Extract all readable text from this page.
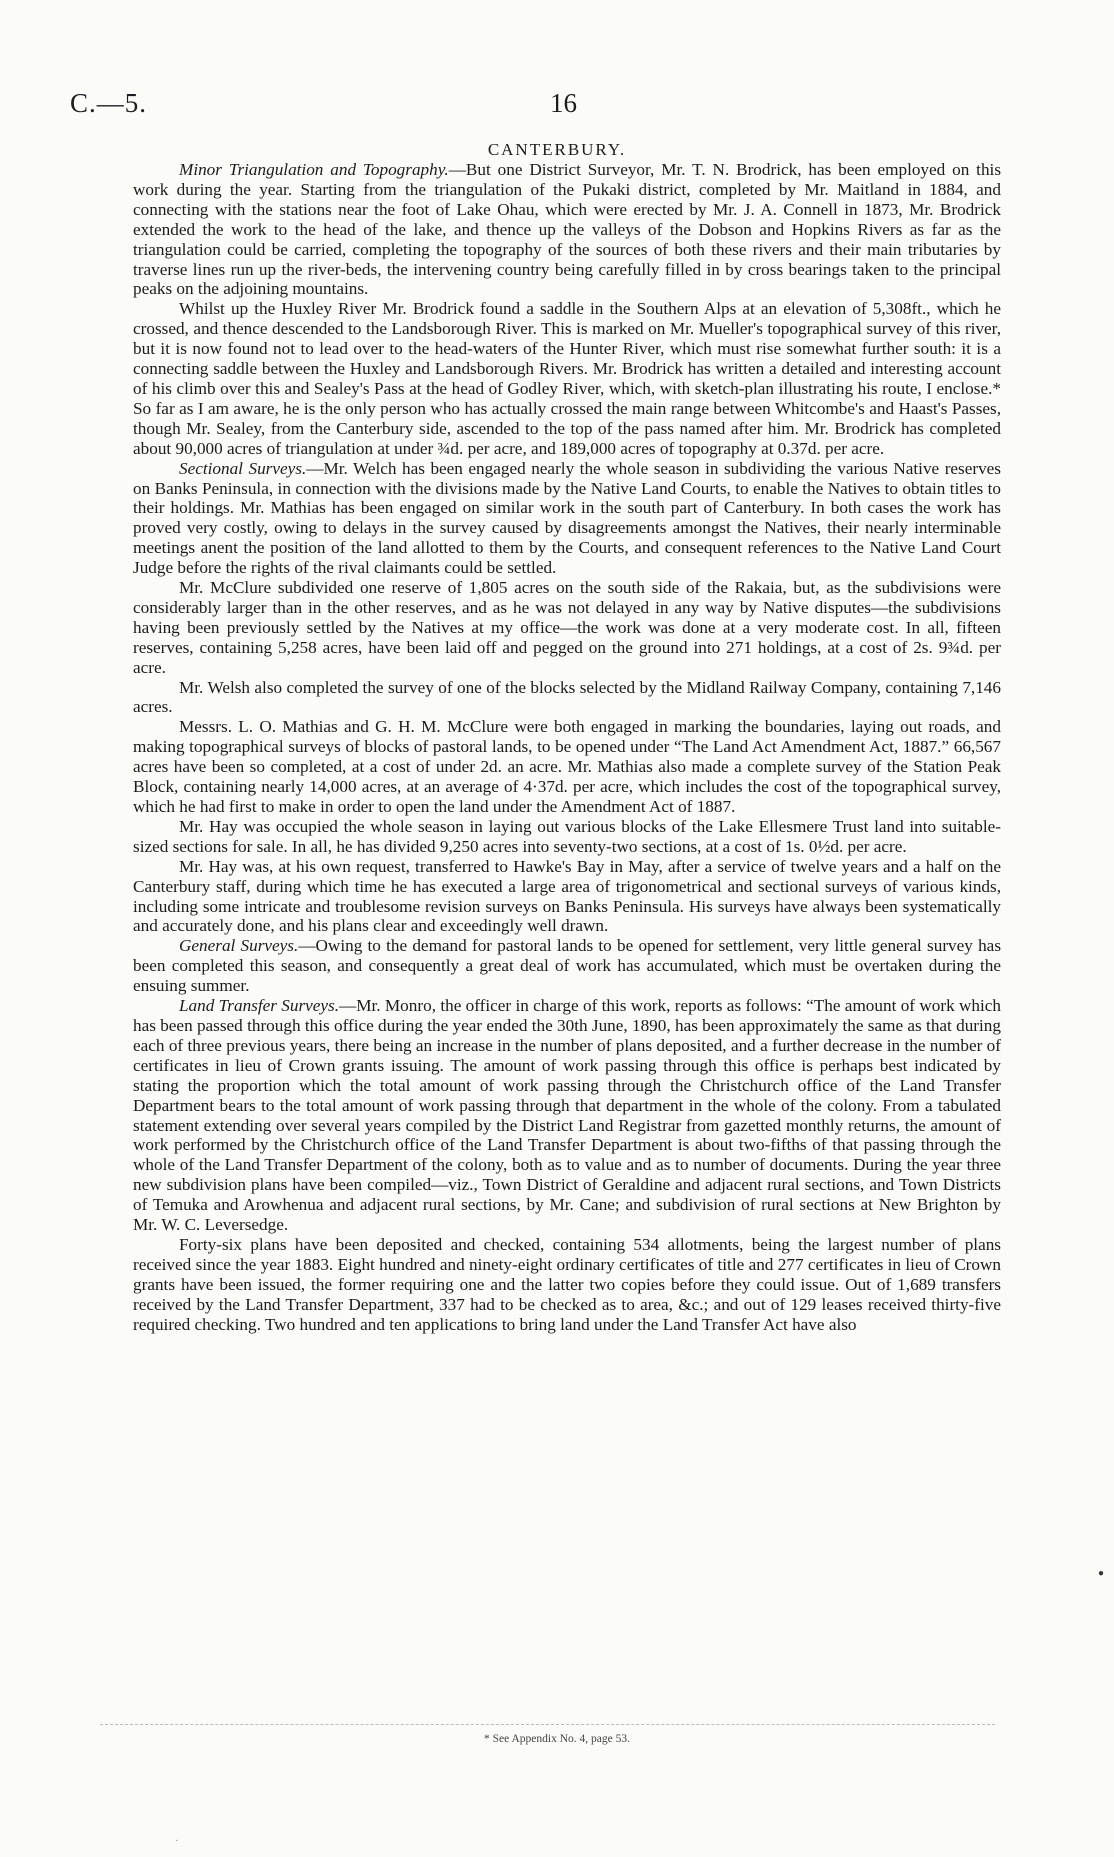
C.—5.	16
CANTERBURY.

Minor Triangulation and Topography.—But one District Surveyor, Mr. T. N. Brodrick, has been employed on this work during the year. Starting from the triangulation of the Pukaki district, completed by Mr. Maitland in 1884, and connecting with the stations near the foot of Lake Ohau, which were erected by Mr. J. A. Connell in 1873, Mr. Brodrick extended the work to the head of the lake, and thence up the valleys of the Dobson and Hopkins Rivers as far as the triangulation could be carried, completing the topography of the sources of both these rivers and their main tributaries by traverse lines run up the river-beds, the intervening country being carefully filled in by cross bearings taken to the principal peaks on the adjoining mountains.

Whilst up the Huxley River Mr. Brodrick found a saddle in the Southern Alps at an elevation of 5,308ft., which he crossed, and thence descended to the Landsborough River. This is marked on Mr. Mueller's topographical survey of this river, but it is now found not to lead over to the head-waters of the Hunter River, which must rise somewhat further south: it is a connecting saddle between the Huxley and Landsborough Rivers. Mr. Brodrick has written a detailed and interesting account of his climb over this and Sealey's Pass at the head of Godley River, which, with sketch-plan illustrating his route, I enclose.* So far as I am aware, he is the only person who has actually crossed the main range between Whitcombe's and Haast's Passes, though Mr. Sealey, from the Canterbury side, ascended to the top of the pass named after him. Mr. Brodrick has completed about 90,000 acres of triangulation at under ¾d. per acre, and 189,000 acres of topography at 0.37d. per acre.

Sectional Surveys.—Mr. Welch has been engaged nearly the whole season in subdividing the various Native reserves on Banks Peninsula, in connection with the divisions made by the Native Land Courts, to enable the Natives to obtain titles to their holdings. Mr. Mathias has been engaged on similar work in the south part of Canterbury. In both cases the work has proved very costly, owing to delays in the survey caused by disagreements amongst the Natives, their nearly interminable meetings anent the position of the land allotted to them by the Courts, and consequent references to the Native Land Court Judge before the rights of the rival claimants could be settled.

Mr. McClure subdivided one reserve of 1,805 acres on the south side of the Rakaia, but, as the subdivisions were considerably larger than in the other reserves, and as he was not delayed in any way by Native disputes—the subdivisions having been previously settled by the Natives at my office—the work was done at a very moderate cost. In all, fifteen reserves, containing 5,258 acres, have been laid off and pegged on the ground into 271 holdings, at a cost of 2s. 9¾d. per acre.

Mr. Welsh also completed the survey of one of the blocks selected by the Midland Railway Company, containing 7,146 acres.

Messrs. L. O. Mathias and G. H. M. McClure were both engaged in marking the boundaries, laying out roads, and making topographical surveys of blocks of pastoral lands, to be opened under “The Land Act Amendment Act, 1887.” 66,567 acres have been so completed, at a cost of under 2d. an acre. Mr. Mathias also made a complete survey of the Station Peak Block, containing nearly 14,000 acres, at an average of 4·37d. per acre, which includes the cost of the topographical survey, which he had first to make in order to open the land under the Amendment Act of 1887.

Mr. Hay was occupied the whole season in laying out various blocks of the Lake Ellesmere Trust land into suitable-sized sections for sale. In all, he has divided 9,250 acres into seventy-two sections, at a cost of 1s. 0½d. per acre.

Mr. Hay was, at his own request, transferred to Hawke's Bay in May, after a service of twelve years and a half on the Canterbury staff, during which time he has executed a large area of trigonometrical and sectional surveys of various kinds, including some intricate and troublesome revision surveys on Banks Peninsula. His surveys have always been systematically and accurately done, and his plans clear and exceedingly well drawn.

General Surveys.—Owing to the demand for pastoral lands to be opened for settlement, very little general survey has been completed this season, and consequently a great deal of work has accumulated, which must be overtaken during the ensuing summer.

Land Transfer Surveys.—Mr. Monro, the officer in charge of this work, reports as follows: “The amount of work which has been passed through this office during the year ended the 30th June, 1890, has been approximately the same as that during each of three previous years, there being an increase in the number of plans deposited, and a further decrease in the number of certificates in lieu of Crown grants issuing. The amount of work passing through this office is perhaps best indicated by stating the proportion which the total amount of work passing through the Christchurch office of the Land Transfer Department bears to the total amount of work passing through that department in the whole of the colony. From a tabulated statement extending over several years compiled by the District Land Registrar from gazetted monthly returns, the amount of work performed by the Christchurch office of the Land Transfer Department is about two-fifths of that passing through the whole of the Land Transfer Department of the colony, both as to value and as to number of documents. During the year three new subdivision plans have been compiled—viz., Town District of Geraldine and adjacent rural sections, and Town Districts of Temuka and Arowhenua and adjacent rural sections, by Mr. Cane; and subdivision of rural sections at New Brighton by Mr. W. C. Leversedge.

Forty-six plans have been deposited and checked, containing 534 allotments, being the largest number of plans received since the year 1883. Eight hundred and ninety-eight ordinary certificates of title and 277 certificates in lieu of Crown grants have been issued, the former requiring one and the latter two copies before they could issue. Out of 1,689 transfers received by the Land Transfer Department, 337 had to be checked as to area, &c.; and out of 129 leases received thirty-five required checking. Two hundred and ten applications to bring land under the Land Transfer Act have also

* See Appendix No. 4, page 53.
●
·
